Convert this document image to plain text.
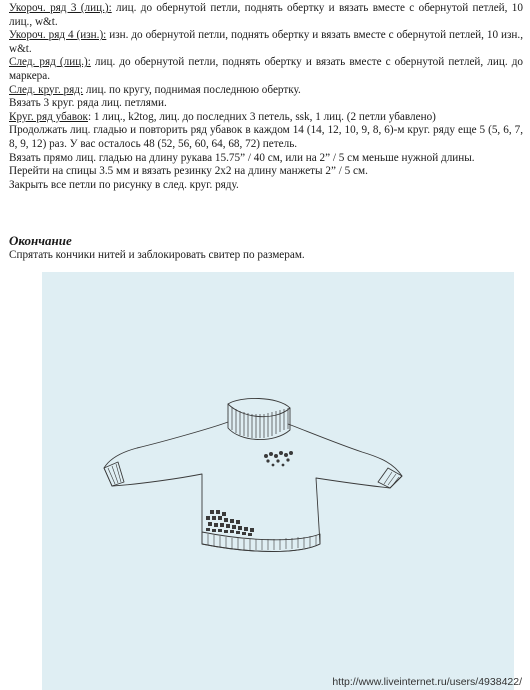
Укороч. ряд 3 (лиц.): лиц. до обернутой петли, поднять обертку и вязать вместе с обернутой петлей, 10 лиц., w&t.

Укороч. ряд 4 (изн.): изн. до обернутой петли, поднять обертку и вязать вместе с обернутой петлей, 10 изн., w&t.

След. ряд (лиц.): лиц. до обернутой петли, поднять обертку и вязать вместе с обернутой петлей, лиц. до маркера.

След. круг. ряд: лиц. по кругу, поднимая последнюю обертку.

Вязать 3 круг. ряда лиц. петлями.

Круг. ряд убавок: 1 лиц., k2tog, лиц. до последних 3 петель, ssk, 1 лиц. (2 петли убавлено)

Продолжать лиц. гладью и повторить ряд убавок в каждом 14 (14, 12, 10, 9, 8, 6)-м круг. ряду еще 5 (5, 6, 7, 8, 9, 12) раз. У вас осталось 48 (52, 56, 60, 64, 68, 72) петель.

Вязать прямо лиц. гладью на длину рукава 15.75” / 40 см, или на 2” / 5 см меньше нужной длины.

Перейти на спицы 3.5 мм и вязать резинку 2x2 на длину манжеты 2” / 5 см.

Закрыть все петли по рисунку в след. круг. ряду.

Окончание

Спрятать кончики нитей и заблокировать свитер по размерам.

http://www.liveinternet.ru/users/4938422/
